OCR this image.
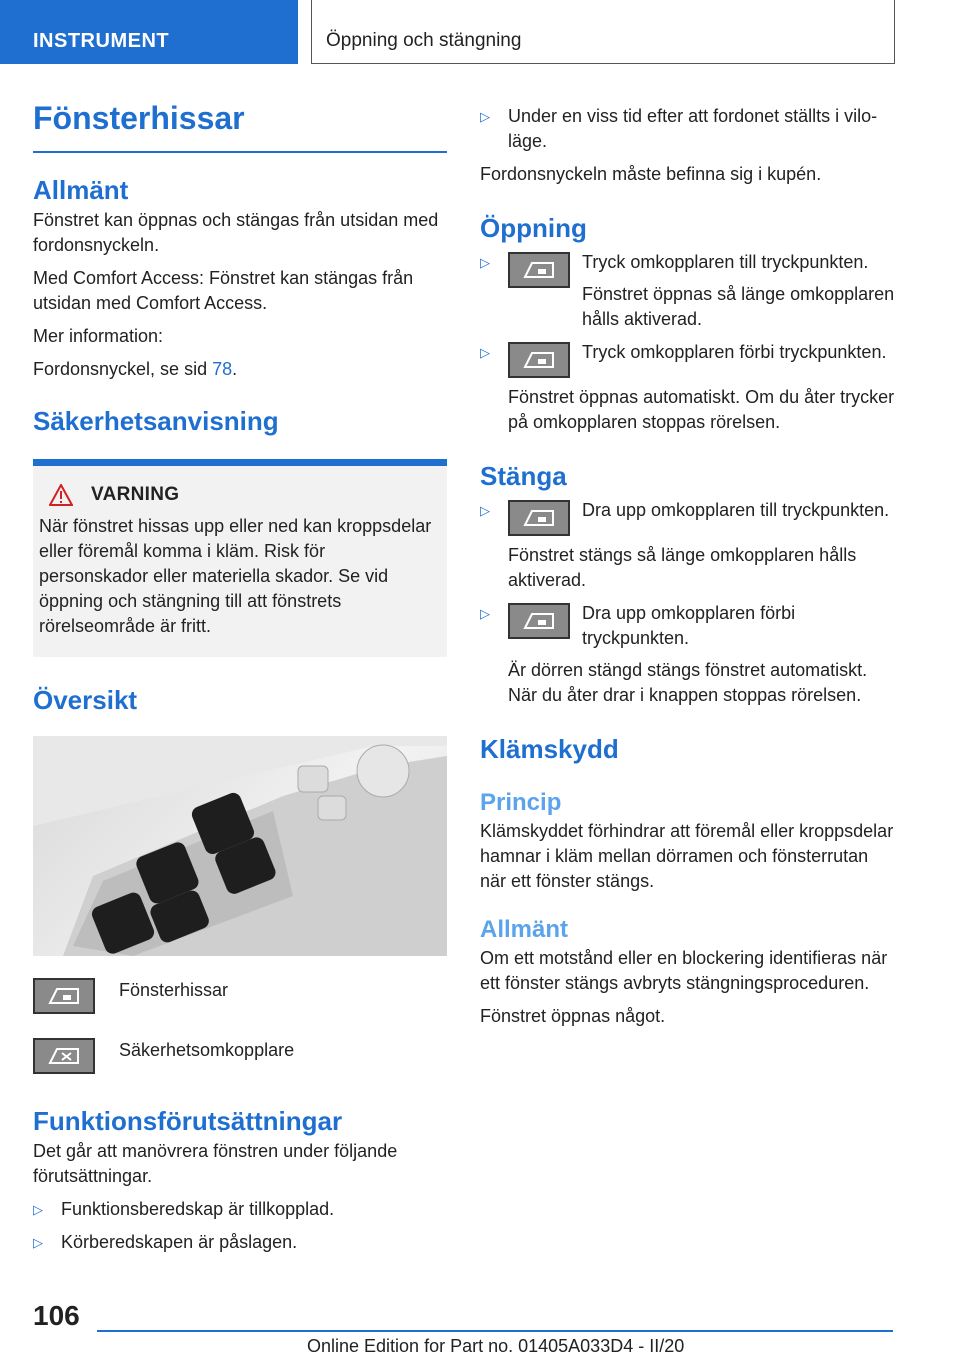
INSTRUMENT	Öppning och stängning
Fönsterhissar
Allmänt

Fönstret kan öppnas och stängas från utsidan med fordonsnyckeln.

Med Comfort Access: Fönstret kan stängas från utsidan med Comfort Access.

Mer information:

Fordonsnyckel, se sid 78.

Säkerhetsanvisning
VARNING

När fönstret hissas upp eller ned kan kroppsdelar eller föremål komma i kläm. Risk för personskador eller materiella skador. Se vid öppning och stängning till att fönstrets rörelseområde är fritt.

Översikt

Fönsterhissar

Säkerhetsomkopplare

Funktionsförutsättningar

Det går att manövrera fönstren under följande förutsättningar.

▷	Funktionsberedskap är tillkopplad.

▷	Körberedskapen är påslagen.

▷	Under en viss tid efter att fordonet ställts i viloläge.

Fordonsnyckeln måste befinna sig i kupén.

Öppning
▷	Tryck omkopplaren till tryckpunkten.

Fönstret öppnas så länge omkopplaren hålls aktiverad.

▷	Tryck omkopplaren förbi tryckpunkten.

Fönstret öppnas automatiskt. Om du åter trycker på omkopplaren stoppas rörelsen.

Stänga
▷	Dra upp omkopplaren till tryckpunkten.

Fönstret stängs så länge omkopplaren hålls aktiverad.

▷	Dra upp omkopplaren förbi tryckpunkten.

Är dörren stängd stängs fönstret automatiskt. När du åter drar i knappen stoppas rörelsen.

Klämskydd
Princip

Klämskyddet förhindrar att föremål eller kroppsdelar hamnar i kläm mellan dörramen och fönsterrutan när ett fönster stängs.

Allmänt

Om ett motstånd eller en blockering identifieras när ett fönster stängs avbryts stängningsproceduren.

Fönstret öppnas något.

106
Online Edition for Part no. 01405A033D4 - II/20
